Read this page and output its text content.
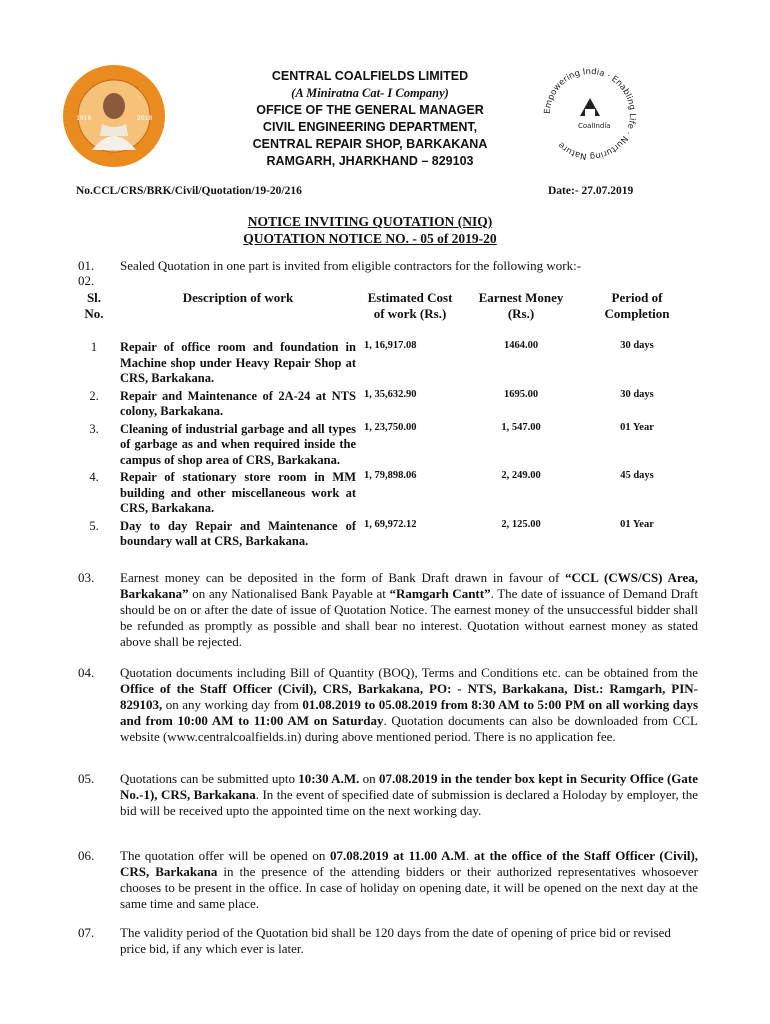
1918	2018
CENTRAL COALFIELDS LIMITED
(A Miniratna Cat- I Company)
OFFICE OF THE GENERAL MANAGER
CIVIL ENGINEERING DEPARTMENT,
CENTRAL REPAIR SHOP, BARKAKANA
RAMGARH, JHARKHAND – 829103
Empowering India · Enabling Life · Nurturing Nature
CoalIndia
No.CCL/CRS/BRK/Civil/Quotation/19-20/216	Date:- 27.07.2019
NOTICE INVITING QUOTATION (NIQ)
QUOTATION NOTICE NO. - 05 of 2019-20
01. Sealed Quotation in one part is invited from eligible contractors for the following work:-
02.
Sl. No.	Description of work	Estimated Cost of work (Rs.)	Earnest Money (Rs.)	Period of Completion
1	Repair of office room and foundation in Machine shop under Heavy Repair Shop at CRS, Barkakana.	1, 16,917.08	1464.00	30 days
2.	Repair and Maintenance of 2A-24 at NTS colony, Barkakana.	1, 35,632.90	1695.00	30 days
3.	Cleaning of industrial garbage and all types of garbage as and when required inside the campus of shop area of CRS, Barkakana.	1, 23,750.00	1, 547.00	01 Year
4.	Repair of stationary store room in MM building and other miscellaneous work at CRS, Barkakana.	1, 79,898.06	2, 249.00	45 days
5.	Day to day Repair and Maintenance of boundary wall at CRS, Barkakana.	1, 69,972.12	2, 125.00	01 Year
03. Earnest money can be deposited in the form of Bank Draft drawn in favour of “CCL (CWS/CS) Area, Barkakana” on any Nationalised Bank Payable at “Ramgarh Cantt”. The date of issuance of Demand Draft should be on or after the date of issue of Quotation Notice. The earnest money of the unsuccessful bidder shall be refunded as promptly as possible and shall bear no interest. Quotation without earnest money as stated above shall be rejected.
04. Quotation documents including Bill of Quantity (BOQ), Terms and Conditions etc. can be obtained from the Office of the Staff Officer (Civil), CRS, Barkakana, PO: - NTS, Barkakana, Dist.: Ramgarh, PIN-829103, on any working day from 01.08.2019 to 05.08.2019 from 8:30 AM to 5:00 PM on all working days and from 10:00 AM to 11:00 AM on Saturday. Quotation documents can also be downloaded from CCL website (www.centralcoalfields.in) during above mentioned period. There is no application fee.
05. Quotations can be submitted upto 10:30 A.M. on 07.08.2019 in the tender box kept in Security Office (Gate No.-1), CRS, Barkakana. In the event of specified date of submission is declared a Holoday by employer, the bid will be received upto the appointed time on the next working day.
06. The quotation offer will be opened on 07.08.2019 at 11.00 A.M. at the office of the Staff Officer (Civil), CRS, Barkakana in the presence of the attending bidders or their authorized representatives whosoever chooses to be present in the office. In case of holiday on opening date, it will be opened on the next day at the same time and same place.
07. The validity period of the Quotation bid shall be 120 days from the date of opening of price bid or revised price bid, if any which ever is later.
